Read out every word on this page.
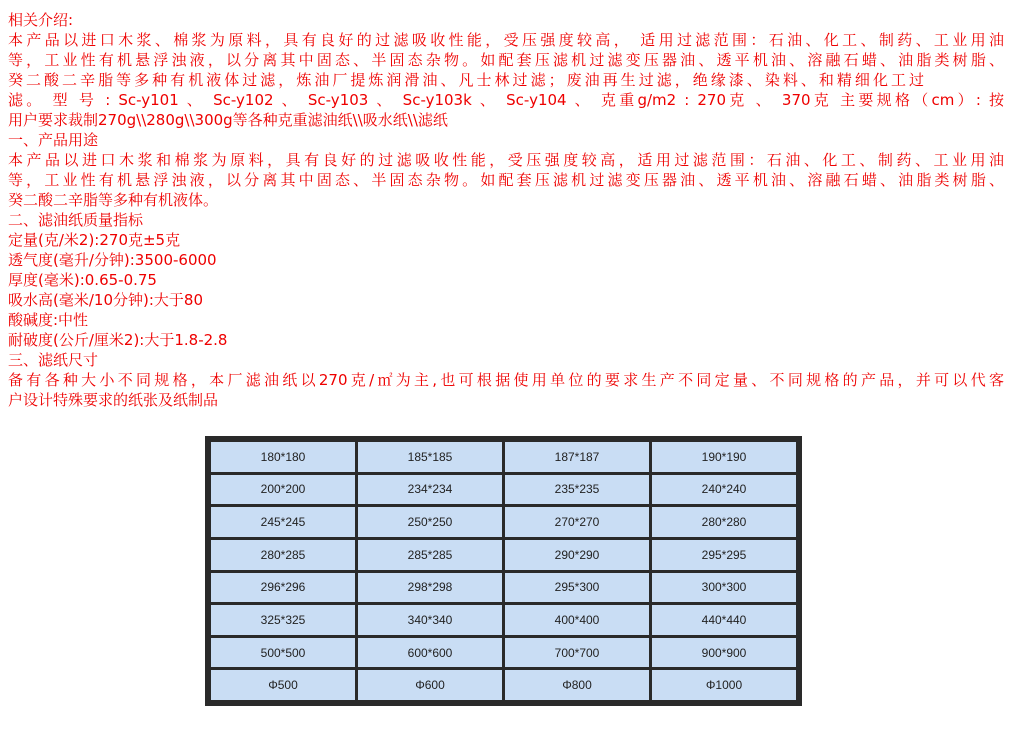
相关介绍:
本产品以进口木浆、棉浆为原料，具有良好的过滤吸收性能，受压强度较高， 适用过滤范围：石油、化工、制药、工业用油
等，工业性有机悬浮浊液，以分离其中固态、半固态杂物。如配套压滤机过滤变压器油、透平机油、溶融石蜡、油脂类树脂、
癸二酸二辛脂等多种有机液体过滤，炼油厂提炼润滑油、凡士林过滤；废油再生过滤，绝缘漆、染料、和精细化工过
滤。 型 号 : Sc-y101 、 Sc-y102 、 Sc-y103 、 Sc-y103k 、 Sc-y104 、 克重g/m2 : 270克 、 370克 主要规格（cm）: 按
用户要求裁制270g\\280g\\300g等各种克重滤油纸\\吸水纸\\滤纸
一、产品用途
本产品以进口木浆和棉浆为原料，具有良好的过滤吸收性能，受压强度较高，适用过滤范围：石油、化工、制药、工业用油
等，工业性有机悬浮浊液，以分离其中固态、半固态杂物。如配套压滤机过滤变压器油、透平机油、溶融石蜡、油脂类树脂、
癸二酸二辛脂等多种有机液体。
二、滤油纸质量指标
定量(克/米2):270克±5克
透气度(毫升/分钟):3500-6000
厚度(毫米):0.65-0.75
吸水高(毫米/10分钟):大于80
酸碱度:中性
耐破度(公斤/厘米2):大于1.8-2.8
三、滤纸尺寸
备有各种大小不同规格，本厂滤油纸以270克/㎡为主,也可根据使用单位的要求生产不同定量、不同规格的产品，并可以代客
户设计特殊要求的纸张及纸制品
180*180	185*185	187*187	190*190
200*200	234*234	235*235	240*240
245*245	250*250	270*270	280*280
280*285	285*285	290*290	295*295
296*296	298*298	295*300	300*300
325*325	340*340	400*400	440*440
500*500	600*600	700*700	900*900
Φ500	Φ600	Φ800	Φ1000
